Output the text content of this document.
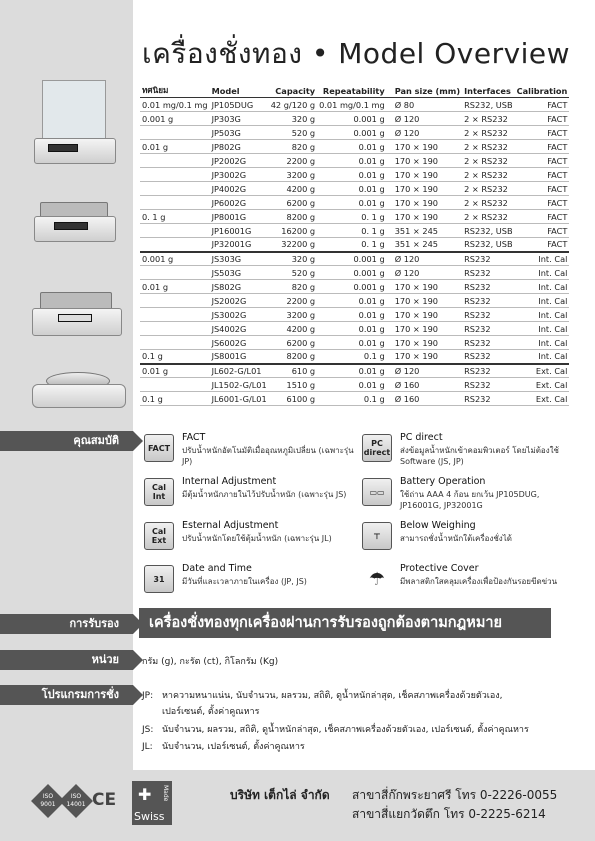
เครื่องชั่งทอง • Model Overview
ทศนิยม	Model	Capacity	Repeatability	Pan size (mm)	Interfaces	Calibration
0.01 mg/0.1 mg	JP105DUG	42 g/120 g	0.01 mg/0.1 mg	Ø 80	RS232, USB	FACT
0.001 g	JP303G	320 g	0.001 g	Ø 120	2 × RS232	FACT
	JP503G	520 g	0.001 g	Ø 120	2 × RS232	FACT
0.01 g	JP802G	820 g	0.01 g	170 × 190	2 × RS232	FACT
	JP2002G	2200 g	0.01 g	170 × 190	2 × RS232	FACT
	JP3002G	3200 g	0.01 g	170 × 190	2 × RS232	FACT
	JP4002G	4200 g	0.01 g	170 × 190	2 × RS232	FACT
	JP6002G	6200 g	0.01 g	170 × 190	2 × RS232	FACT
0. 1 g	JP8001G	8200 g	0. 1 g	170 × 190	2 × RS232	FACT
	JP16001G	16200 g	0. 1 g	351 × 245	RS232, USB	FACT
	JP32001G	32200 g	0. 1 g	351 × 245	RS232, USB	FACT
0.001 g	JS303G	320 g	0.001 g	Ø 120	RS232	Int. Cal
	JS503G	520 g	0.001 g	Ø 120	RS232	Int. Cal
0.01 g	JS802G	820 g	0.001 g	170 × 190	RS232	Int. Cal
	JS2002G	2200 g	0.01 g	170 × 190	RS232	Int. Cal
	JS3002G	3200 g	0.01 g	170 × 190	RS232	Int. Cal
	JS4002G	4200 g	0.01 g	170 × 190	RS232	Int. Cal
	JS6002G	6200 g	0.01 g	170 × 190	RS232	Int. Cal
0.1 g	JS8001G	8200 g	0.1 g	170 × 190	RS232	Int. Cal
0.01 g	JL602-G/L01	610 g	0.01 g	Ø 120	RS232	Ext. Cal
	JL1502-G/L01	1510 g	0.01 g	Ø 160	RS232	Ext. Cal
0.1 g	JL6001-G/L01	6100 g	0.1 g	Ø 160	RS232	Ext. Cal
คุณสมบัติ
FACT
FACT
ปรับน้ำหนักอัตโนมัติเมื่ออุณหภูมิเปลี่ยน (เฉพาะรุ่น JP)
PC direct
PC direct
ส่งข้อมูลน้ำหนักเข้าคอมพิวเตอร์ โดยไม่ต้องใช้ Software (JS, JP)
Cal Int
Internal Adjustment
มีตุ้มน้ำหนักภายในไว้ปรับน้ำหนัก (เฉพาะรุ่น JS)	▭▭
Battery Operation
ใช้ถ่าน AAA 4 ก้อน ยกเว้น JP105DUG, JP16001G, JP32001G
Cal Ext
Esternal Adjustment
ปรับน้ำหนักโดยใช้ตุ้มน้ำหนัก (เฉพาะรุ่น JL)	⊤
Below Weighing
สามารถชั่งน้ำหนักใต้เครื่องชั่งได้
31
Date and Time
มีวันที่และเวลาภายในเครื่อง (JP, JS)	☂	Protective Cover
มีพลาสติกใสคลุมเครื่องเพื่อป้องกันรอยขีดข่วน
การรับรอง	เครื่องชั่งทองทุกเครื่องผ่านการรับรองถูกต้องตามกฎหมาย
หน่วย	กรัม (g), กะรัต (ct), กิโลกรัม (Kg)
โปรแกรมการชั่ง	JP: หาความหนาแน่น, นับจำนวน, ผลรวม, สถิติ, ดูน้ำหนักล่าสุด, เช็คสภาพเครื่องด้วยตัวเอง,
เปอร์เซนต์, ตั้งค่าคูณหาร
JS: นับจำนวน, ผลรวม, สถิติ, ดูน้ำหนักล่าสุด, เช็คสภาพเครื่องด้วยตัวเอง, เปอร์เซนต์, ตั้งค่าคูณหาร
JL: นับจำนวน, เปอร์เซนต์, ตั้งค่าคูณหาร
ISO 9001
ISO 14001 CE ✚
Swiss
Made	บริษัท เต็กไล่ จำกัด สาขาสี่ก๊กพระยาศรี โทร 0-2226-0055
สาขาสี่แยกวัดตึก โทร 0-2225-6214
